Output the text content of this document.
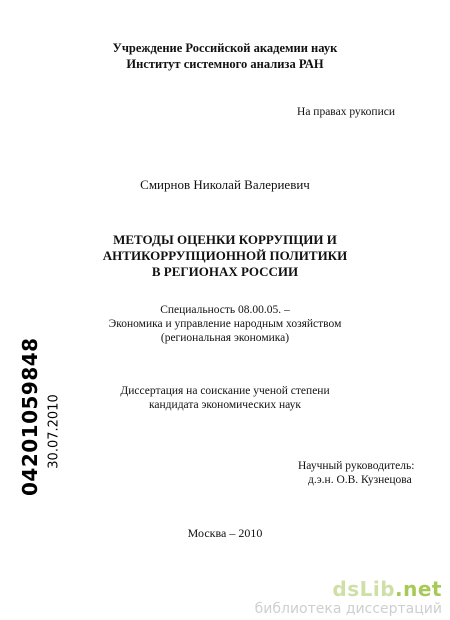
Учреждение Российской академии наук
Институт системного анализа РАН
На правах рукописи
Смирнов Николай Валериевич
МЕТОДЫ ОЦЕНКИ КОРРУПЦИИ И
АНТИКОРРУПЦИОННОЙ ПОЛИТИКИ
В РЕГИОНАХ РОССИИ
Специальность 08.00.05. –
Экономика и управление народным хозяйством
(региональная экономика)
Диссертация на соискание ученой степени
кандидата экономических наук
Научный руководитель:
д.э.н. О.В. Кузнецова
Москва – 2010
04201059848 30.07.2010
dsLib.net
библиотека диссертаций
